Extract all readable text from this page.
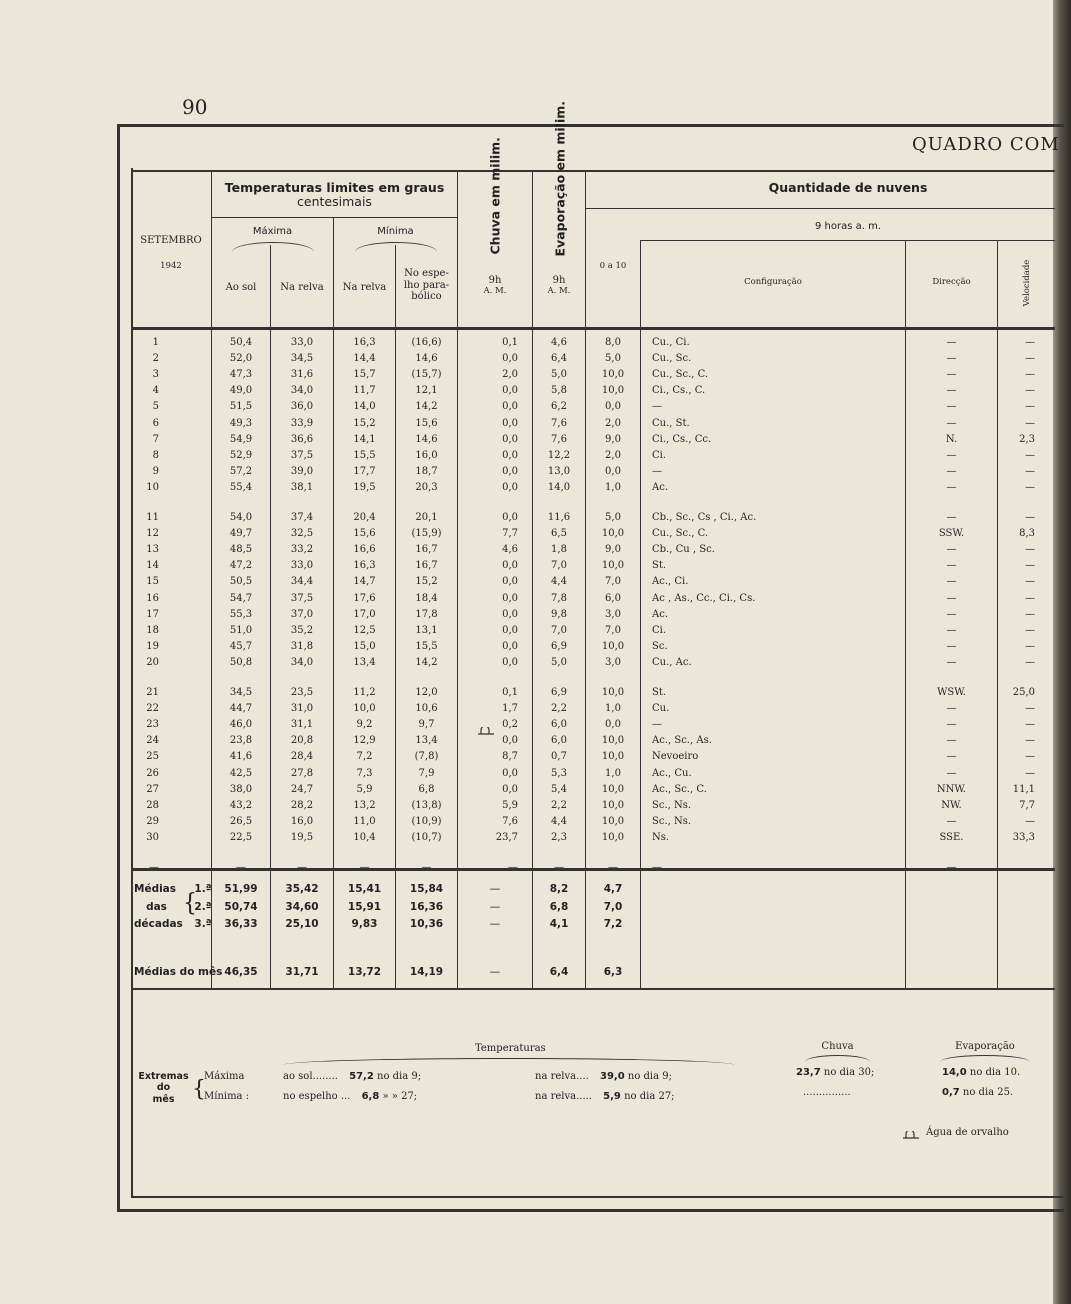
90
QUADRO COM
SETEMBRO
1942
Temperaturas limites em graus
centesimais
Máxima	Mínima
Ao sol	Na relva	Na relva
No espe-
lho para-
bólico
Chuva em milim.	Evaporação em milim.
9h
A. M.
9h
A. M.
Quantidade de nuvens
9 horas a. m.
0 a 10
Configuração	Direcção	Velocidade
1	50,4	33,0	16,3	(16,6)	0,1	4,6	8,0	Cu., Ci.	—	—
2	52,0	34,5	14,4	14,6	0,0	6,4	5,0	Cu., Sc.	—	—
3	47,3	31,6	15,7	(15,7)	2,0	5,0	10,0	Cu., Sc., C.	—	—
4	49,0	34,0	11,7	12,1	0,0	5,8	10,0	Ci., Cs., C.	—	—
5	51,5	36,0	14,0	14,2	0,0	6,2	0,0	—	—	—
6	49,3	33,9	15,2	15,6	0,0	7,6	2,0	Cu., St.	—	—
7	54,9	36,6	14,1	14,6	0,0	7,6	9,0	Ci., Cs., Cc.	N.	2,3
8	52,9	37,5	15,5	16,0	0,0	12,2	2,0	Ci.	—	—
9	57,2	39,0	17,7	18,7	0,0	13,0	0,0	—	—	—
10	55,4	38,1	19,5	20,3	0,0	14,0	1,0	Ac.	—	—
11	54,0	37,4	20,4	20,1	0,0	11,6	5,0	Cb., Sc., Cs , Ci., Ac.	—	—
12	49,7	32,5	15,6	(15,9)	7,7	6,5	10,0	Cu., Sc., C.	SSW.	8,3
13	48,5	33,2	16,6	16,7	4,6	1,8	9,0	Cb., Cu , Sc.	—	—
14	47,2	33,0	16,3	16,7	0,0	7,0	10,0	St.	—	—
15	50,5	34,4	14,7	15,2	0,0	4,4	7,0	Ac., Ci.	—	—
16	54,7	37,5	17,6	18,4	0,0	7,8	6,0	Ac , As., Cc., Ci., Cs.	—	—
17	55,3	37,0	17,0	17,8	0,0	9,8	3,0	Ac.	—	—
18	51,0	35,2	12,5	13,1	0,0	7,0	7,0	Ci.	—	—
19	45,7	31,8	15,0	15,5	0,0	6,9	10,0	Sc.	—	—
20	50,8	34,0	13,4	14,2	0,0	5,0	3,0	Cu., Ac.	—	—
21	34,5	23,5	11,2	12,0	0,1	6,9	10,0	St.	WSW.	25,0
22	44,7	31,0	10,0	10,6	1,7	2,2	1,0	Cu.	—	—
23	46,0	31,1	9,2	9,7	0,2	6,0	0,0	—	—	—
24	23,8	20,8	12,9	13,4	0,0	6,0	10,0	Ac., Sc., As.	—	—
25	41,6	28,4	7,2	(7,8)	8,7	0,7	10,0	Nevoeiro	—	—
26	42,5	27,8	7,3	7,9	0,0	5,3	1,0	Ac., Cu.	—	—
27	38,0	24,7	5,9	6,8	0,0	5,4	10,0	Ac., Sc., C.	NNW.	11,1
28	43,2	28,2	13,2	(13,8)	5,9	2,2	10,0	Sc., Ns.	NW.	7,7
29	26,5	16,0	11,0	(10,9)	7,6	4,4	10,0	Sc., Ns.	—	—
30	22,5	19,5	10,4	(10,7)	23,7	2,3	10,0	Ns.	SSE.	33,3
—	—	—	—	—	—	—	—	—	—
Médias
das
décadas
{
1.ª	51,99	35,42	15,41	15,84	—	8,2	4,7
2.ª	50,74	34,60	15,91	16,36	—	6,8	7,0
3.ª	36,33	25,10	9,83	10,36	—	4,1	7,2
Médias do mês 46,35	31,71	13,72	14,19	—	6,4	6,3
Temperaturas	Chuva	Evaporação
Extremas
do
mês {
Máxima
Mínima :
ao sol........ 57,2 no dia 9;	na relva.... 39,0 no dia 9;
no espelho ... 6,8 » » 27;	na relva..... 5,9 no dia 27;
23,7 no dia 30;
...............
14,0 no dia 10.
0,7 no dia 25.
Água de orvalho
